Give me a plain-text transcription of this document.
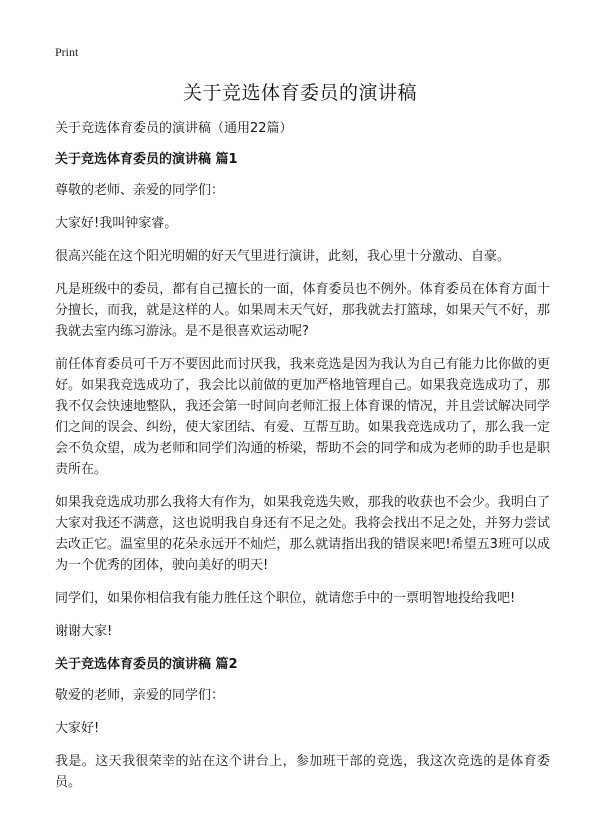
Print
关于竞选体育委员的演讲稿

关于竞选体育委员的演讲稿（通用22篇）

关于竞选体育委员的演讲稿 篇1

尊敬的老师、亲爱的同学们：

大家好!我叫钟家睿。

很高兴能在这个阳光明媚的好天气里进行演讲，此刻，我心里十分激动、自豪。

凡是班级中的委员，都有自己擅长的一面，体育委员也不例外。体育委员在体育方面十分擅长，而我，就是这样的人。如果周末天气好，那我就去打篮球，如果天气不好，那我就去室内练习游泳。是不是很喜欢运动呢?

前任体育委员可千万不要因此而讨厌我，我来竞选是因为我认为自己有能力比你做的更好。如果我竞选成功了，我会比以前做的更加严格地管理自己。如果我竞选成功了，那我不仅会快速地整队，我还会第一时间向老师汇报上体育课的情况，并且尝试解决同学们之间的误会、纠纷，使大家团结、有爱、互帮互助。如果我竞选成功了，那么我一定会不负众望，成为老师和同学们沟通的桥梁，帮助不会的同学和成为老师的助手也是职责所在。

如果我竞选成功那么我将大有作为，如果我竞选失败，那我的收获也不会少。我明白了大家对我还不满意，这也说明我自身还有不足之处。我将会找出不足之处，并努力尝试去改正它。温室里的花朵永远开不灿烂，那么就请指出我的错误来吧!希望五3班可以成为一个优秀的团体，驶向美好的明天!

同学们，如果你相信我有能力胜任这个职位，就请您手中的一票明智地投给我吧!

谢谢大家!

关于竞选体育委员的演讲稿 篇2

敬爱的老师，亲爱的同学们：

大家好!

我是。这天我很荣幸的站在这个讲台上，参加班干部的竞选，我这次竞选的是体育委员。
